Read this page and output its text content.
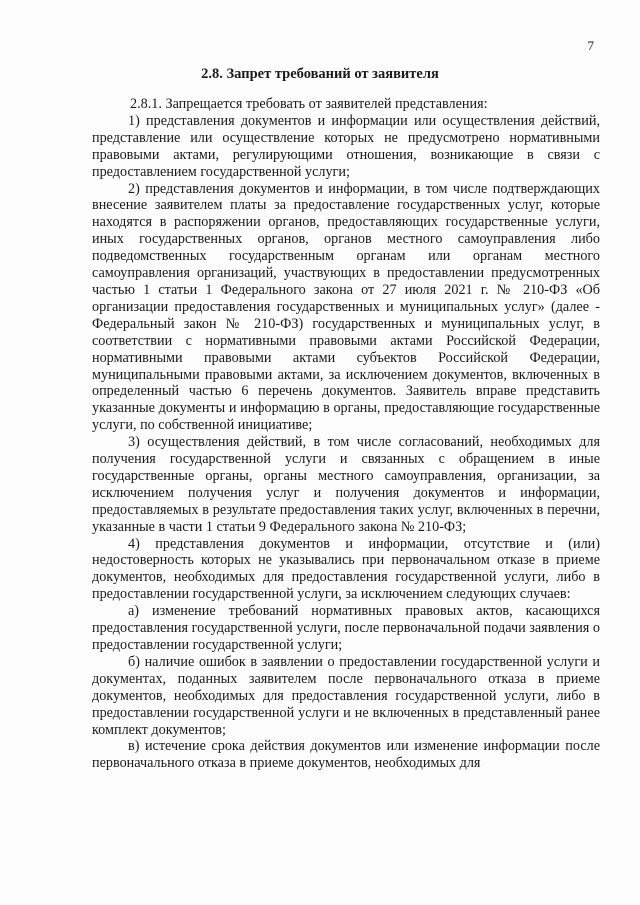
7
2.8. Запрет требований от заявителя

2.8.1. Запрещается требовать от заявителей представления:

1) представления документов и информации или осуществления действий, представление или осуществление которых не предусмотрено нормативными правовыми актами, регулирующими отношения, возникающие в связи с предоставлением государственной услуги;

2) представления документов и информации, в том числе подтверждающих внесение заявителем платы за предоставление государственных услуг, которые находятся в распоряжении органов, предоставляющих государственные услуги, иных государственных органов, органов местного самоуправления либо подведомственных государственным органам или органам местного самоуправления организаций, участвующих в предоставлении предусмотренных частью 1 статьи 1 Федерального закона от 27 июля 2021 г. № 210-ФЗ «Об организации предоставления государственных и муниципальных услуг» (далее - Федеральный закон № 210-ФЗ) государственных и муниципальных услуг, в соответствии с нормативными правовыми актами Российской Федерации, нормативными правовыми актами субъектов Российской Федерации, муниципальными правовыми актами, за исключением документов, включенных в определенный частью 6 перечень документов. Заявитель вправе представить указанные документы и информацию в органы, предоставляющие государственные услуги, по собственной инициативе;

3) осуществления действий, в том числе согласований, необходимых для получения государственной услуги и связанных с обращением в иные государственные органы, органы местного самоуправления, организации, за исключением получения услуг и получения документов и информации, предоставляемых в результате предоставления таких услуг, включенных в перечни, указанные в части 1 статьи 9 Федерального закона № 210-ФЗ;

4) представления документов и информации, отсутствие и (или) недостоверность которых не указывались при первоначальном отказе в приеме документов, необходимых для предоставления государственной услуги, либо в предоставлении государственной услуги, за исключением следующих случаев:

а) изменение требований нормативных правовых актов, касающихся предоставления государственной услуги, после первоначальной подачи заявления о предоставлении государственной услуги;

б) наличие ошибок в заявлении о предоставлении государственной услуги и документах, поданных заявителем после первоначального отказа в приеме документов, необходимых для предоставления государственной услуги, либо в предоставлении государственной услуги и не включенных в представленный ранее комплект документов;

в) истечение срока действия документов или изменение информации после первоначального отказа в приеме документов, необходимых для
